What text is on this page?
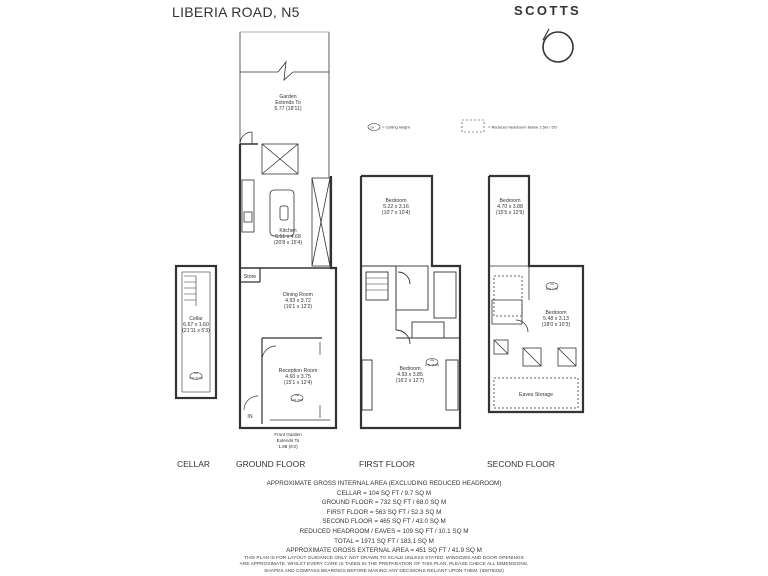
LIBERIA ROAD, N5	SCOTTS
Garden
Extends To
5.77 (18'11)
Kitchen
6.51 x 4.68
(20'8 x 15'4)
Store
Dining Room
4.93 x 3.72
(16'1 x 12'2)
Reception Room
4.60 x 3.75
(15'1 x 12'4)
CH
2.91 (9'6)
Front Garden
Extends To
1.88 (6'2)
IN
Cellar
6.67 x 1.60
(21'11 x 5'3)
CH
2.11 (6'11)
Bedroom
5.22 x 3.16
(10'7 x 10'4)
Bedroom
4.93 x 3.85
(16'2 x 12'7)
CH
2.71 (8'10)
Bedroom
4.70 x 3.88
(15'5 x 12'9)
Bedroom
5.48 x 3.13
(18'0 x 10'3)
CH
2.21 (7'3)
Eaves Storage
CH = Ceiling height	= Reduced headroom below 1.5m / 5'0
CELLAR	GROUND FLOOR	FIRST FLOOR	SECOND FLOOR
APPROXIMATE GROSS INTERNAL AREA (EXCLUDING REDUCED HEADROOM)
CELLAR = 104 SQ FT / 9.7 SQ M
GROUND FLOOR = 732 SQ FT / 68.0 SQ M
FIRST FLOOR = 563 SQ FT / 52.3 SQ M
SECOND FLOOR = 465 SQ FT / 43.0 SQ M
REDUCED HEADROOM / EAVES = 109 SQ FT / 10.1 SQ M
TOTAL = 1971 SQ FT / 183.1 SQ M
APPROXIMATE GROSS EXTERNAL AREA = 451 SQ FT / 41.9 SQ M
THIS PLAN IS FOR LAYOUT GUIDANCE ONLY. NOT DRAWN TO SCALE UNLESS STATED. WINDOWS AND DOOR OPENINGS
ARE APPROXIMATE. WHILST EVERY CARE IS TAKEN IN THE PREPARATION OF THIS PLAN, PLEASE CHECK ALL DIMENSIONS,
SHAPES AND COMPASS BEARINGS BEFORE MAKING ANY DECISIONS RELIANT UPON THEM. (ID878332)
